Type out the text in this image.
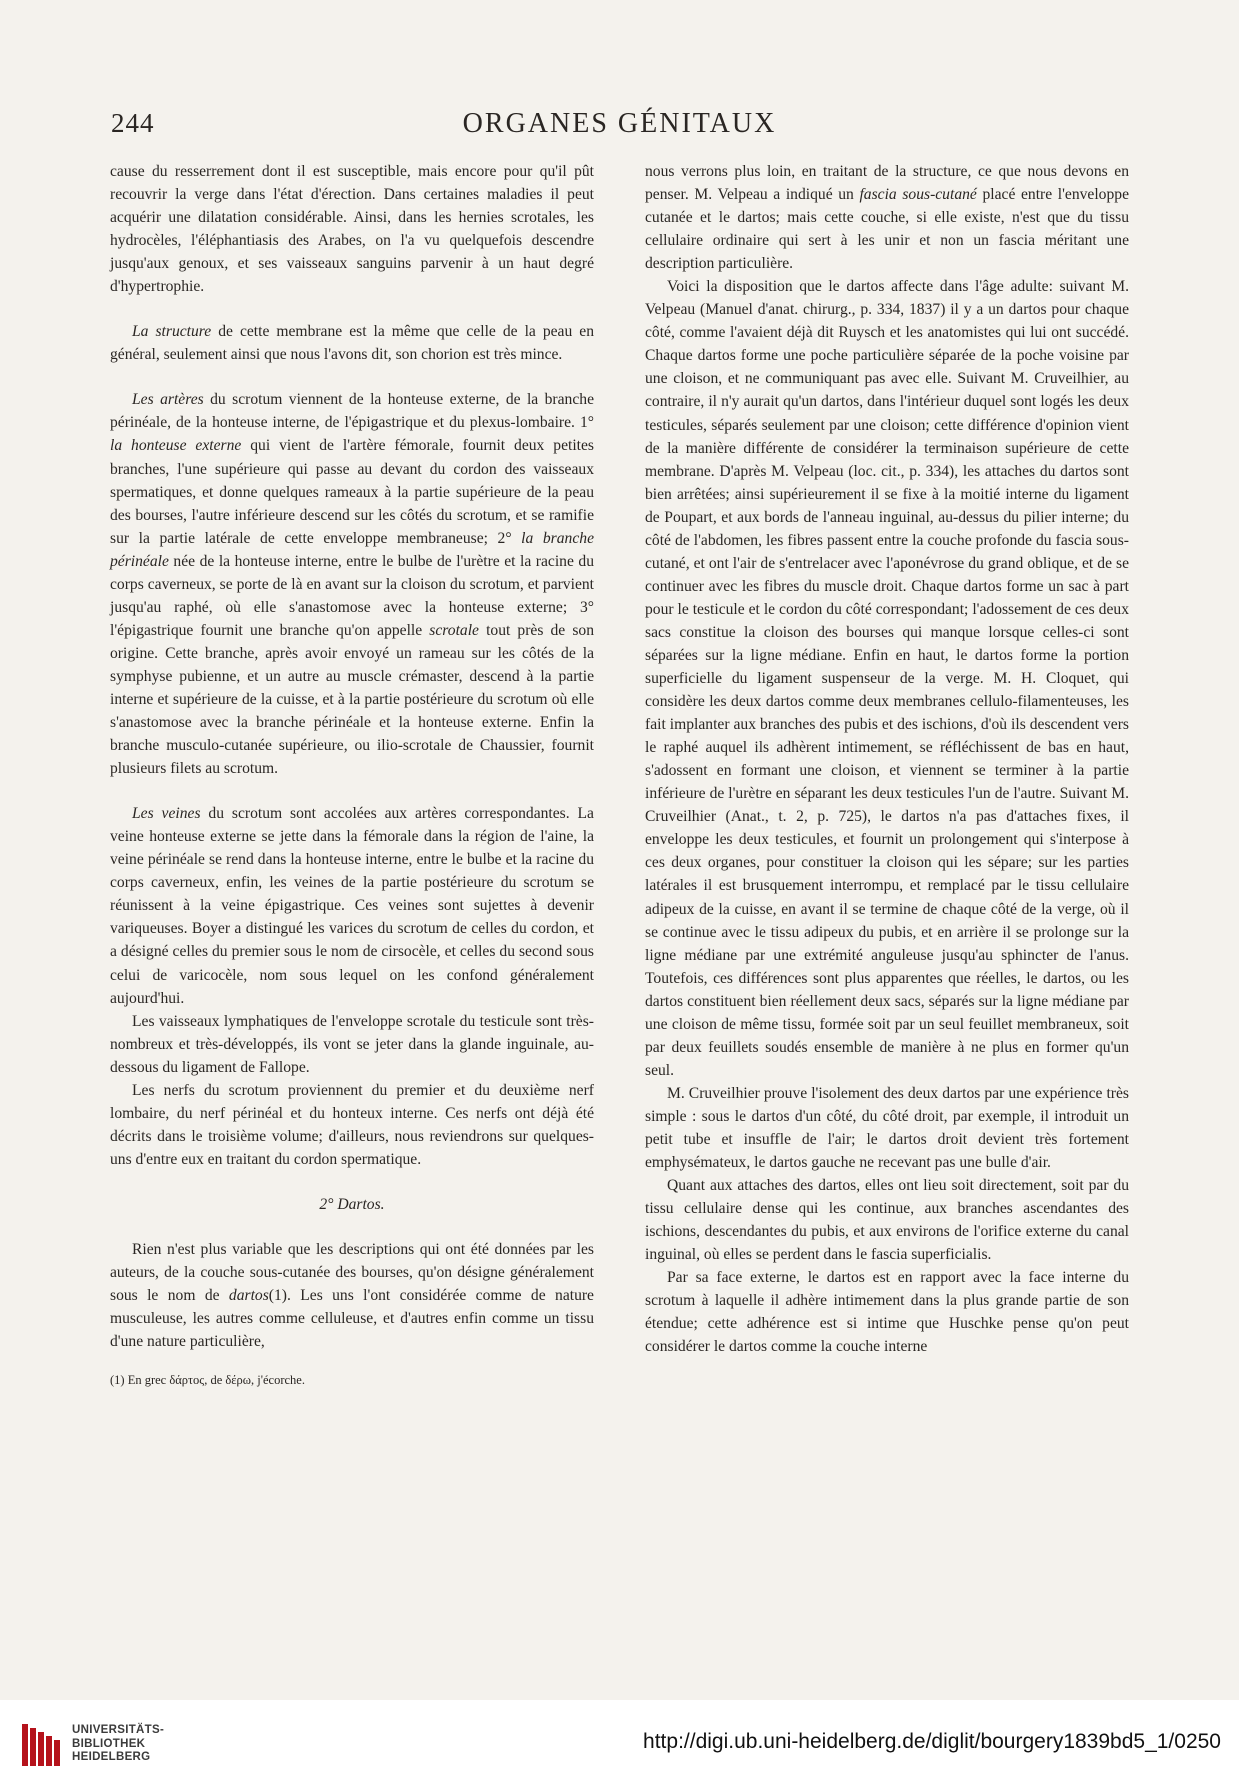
244	ORGANES GÉNITAUX

cause du resserrement dont il est susceptible, mais encore pour qu'il pût recouvrir la verge dans l'état d'érection. Dans certaines maladies il peut acquérir une dilatation considérable. Ainsi, dans les hernies scrotales, les hydrocèles, l'éléphantiasis des Arabes, on l'a vu quelquefois descendre jusqu'aux genoux, et ses vaisseaux sanguins parvenir à un haut degré d'hypertrophie.

La structure de cette membrane est la même que celle de la peau en général, seulement ainsi que nous l'avons dit, son chorion est très mince.

Les artères du scrotum viennent de la honteuse externe, de la branche périnéale, de la honteuse interne, de l'épigastrique et du plexus-lombaire. 1° la honteuse externe qui vient de l'artère fémorale, fournit deux petites branches, l'une supérieure qui passe au devant du cordon des vaisseaux spermatiques, et donne quelques rameaux à la partie supérieure de la peau des bourses, l'autre inférieure descend sur les côtés du scrotum, et se ramifie sur la partie latérale de cette enveloppe membraneuse; 2° la branche périnéale née de la honteuse interne, entre le bulbe de l'urètre et la racine du corps caverneux, se porte de là en avant sur la cloison du scrotum, et parvient jusqu'au raphé, où elle s'anastomose avec la honteuse externe; 3° l'épigastrique fournit une branche qu'on appelle scrotale tout près de son origine. Cette branche, après avoir envoyé un rameau sur les côtés de la symphyse pubienne, et un autre au muscle crémaster, descend à la partie interne et supérieure de la cuisse, et à la partie postérieure du scrotum où elle s'anastomose avec la branche périnéale et la honteuse externe. Enfin la branche musculo-cutanée supérieure, ou ilio-scrotale de Chaussier, fournit plusieurs filets au scrotum.

Les veines du scrotum sont accolées aux artères correspondantes. La veine honteuse externe se jette dans la fémorale dans la région de l'aine, la veine périnéale se rend dans la honteuse interne, entre le bulbe et la racine du corps caverneux, enfin, les veines de la partie postérieure du scrotum se réunissent à la veine épigastrique. Ces veines sont sujettes à devenir variqueuses. Boyer a distingué les varices du scrotum de celles du cordon, et a désigné celles du premier sous le nom de cirsocèle, et celles du second sous celui de varicocèle, nom sous lequel on les confond généralement aujourd'hui.

Les vaisseaux lymphatiques de l'enveloppe scrotale du testicule sont très-nombreux et très-développés, ils vont se jeter dans la glande inguinale, au-dessous du ligament de Fallope.

Les nerfs du scrotum proviennent du premier et du deuxième nerf lombaire, du nerf périnéal et du honteux interne. Ces nerfs ont déjà été décrits dans le troisième volume; d'ailleurs, nous reviendrons sur quelques-uns d'entre eux en traitant du cordon spermatique.

2° Dartos.

Rien n'est plus variable que les descriptions qui ont été données par les auteurs, de la couche sous-cutanée des bourses, qu'on désigne généralement sous le nom de dartos(1). Les uns l'ont considérée comme de nature musculeuse, les autres comme celluleuse, et d'autres enfin comme un tissu d'une nature particulière,

(1) En grec δάρτος, de δέρω, j'écorche.

nous verrons plus loin, en traitant de la structure, ce que nous devons en penser. M. Velpeau a indiqué un fascia sous-cutané placé entre l'enveloppe cutanée et le dartos; mais cette couche, si elle existe, n'est que du tissu cellulaire ordinaire qui sert à les unir et non un fascia méritant une description particulière.

Voici la disposition que le dartos affecte dans l'âge adulte: suivant M. Velpeau (Manuel d'anat. chirurg., p. 334, 1837) il y a un dartos pour chaque côté, comme l'avaient déjà dit Ruysch et les anatomistes qui lui ont succédé. Chaque dartos forme une poche particulière séparée de la poche voisine par une cloison, et ne communiquant pas avec elle. Suivant M. Cruveilhier, au contraire, il n'y aurait qu'un dartos, dans l'intérieur duquel sont logés les deux testicules, séparés seulement par une cloison; cette différence d'opinion vient de la manière différente de considérer la terminaison supérieure de cette membrane. D'après M. Velpeau (loc. cit., p. 334), les attaches du dartos sont bien arrêtées; ainsi supérieurement il se fixe à la moitié interne du ligament de Poupart, et aux bords de l'anneau inguinal, au-dessus du pilier interne; du côté de l'abdomen, les fibres passent entre la couche profonde du fascia sous-cutané, et ont l'air de s'entrelacer avec l'aponévrose du grand oblique, et de se continuer avec les fibres du muscle droit. Chaque dartos forme un sac à part pour le testicule et le cordon du côté correspondant; l'adossement de ces deux sacs constitue la cloison des bourses qui manque lorsque celles-ci sont séparées sur la ligne médiane. Enfin en haut, le dartos forme la portion superficielle du ligament suspenseur de la verge. M. H. Cloquet, qui considère les deux dartos comme deux membranes cellulo-filamenteuses, les fait implanter aux branches des pubis et des ischions, d'où ils descendent vers le raphé auquel ils adhèrent intimement, se réfléchissent de bas en haut, s'adossent en formant une cloison, et viennent se terminer à la partie inférieure de l'urètre en séparant les deux testicules l'un de l'autre. Suivant M. Cruveilhier (Anat., t. 2, p. 725), le dartos n'a pas d'attaches fixes, il enveloppe les deux testicules, et fournit un prolongement qui s'interpose à ces deux organes, pour constituer la cloison qui les sépare; sur les parties latérales il est brusquement interrompu, et remplacé par le tissu cellulaire adipeux de la cuisse, en avant il se termine de chaque côté de la verge, où il se continue avec le tissu adipeux du pubis, et en arrière il se prolonge sur la ligne médiane par une extrémité anguleuse jusqu'au sphincter de l'anus. Toutefois, ces différences sont plus apparentes que réelles, le dartos, ou les dartos constituent bien réellement deux sacs, séparés sur la ligne médiane par une cloison de même tissu, formée soit par un seul feuillet membraneux, soit par deux feuillets soudés ensemble de manière à ne plus en former qu'un seul.

M. Cruveilhier prouve l'isolement des deux dartos par une expérience très simple : sous le dartos d'un côté, du côté droit, par exemple, il introduit un petit tube et insuffle de l'air; le dartos droit devient très fortement emphysémateux, le dartos gauche ne recevant pas une bulle d'air.

Quant aux attaches des dartos, elles ont lieu soit directement, soit par du tissu cellulaire dense qui les continue, aux branches ascendantes des ischions, descendantes du pubis, et aux environs de l'orifice externe du canal inguinal, où elles se perdent dans le fascia superficialis.

Par sa face externe, le dartos est en rapport avec la face interne du scrotum à laquelle il adhère intimement dans la plus grande partie de son étendue; cette adhérence est si intime que Huschke pense qu'on peut considérer le dartos comme la couche interne

UNIVERSITÄTS-
BIBLIOTHEK
HEIDELBERG
http://digi.ub.uni-heidelberg.de/diglit/bourgery1839bd5_1/0250
